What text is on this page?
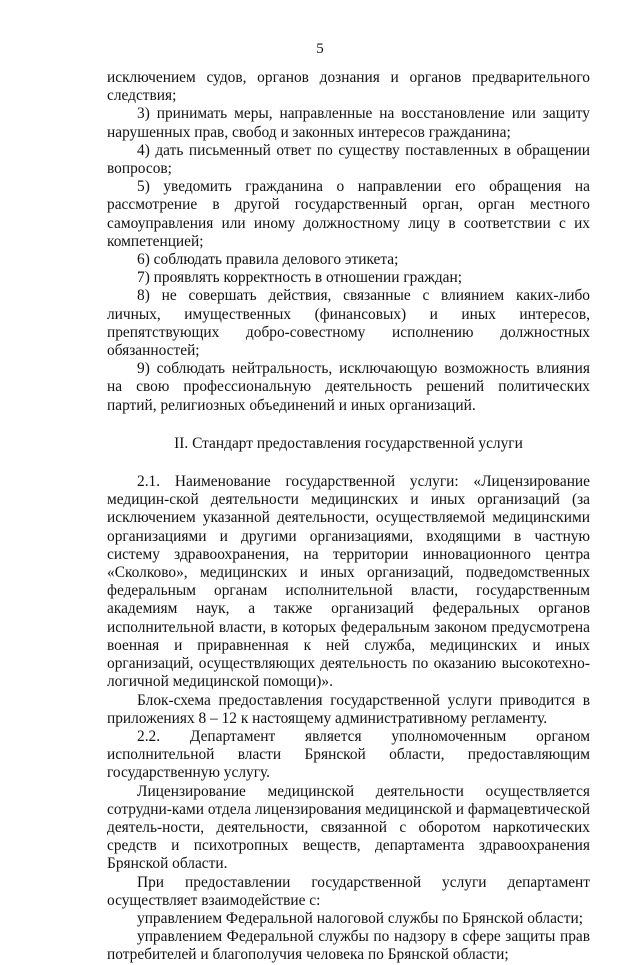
5

исключением судов, органов дознания и органов предварительного следствия;

3) принимать меры, направленные на восстановление или защиту нарушенных прав, свобод и законных интересов гражданина;

4) дать письменный ответ по существу поставленных в обращении вопросов;

5) уведомить гражданина о направлении его обращения на рассмотрение в другой государственный орган, орган местного самоуправления или иному должностному лицу в соответствии с их компетенцией;

6) соблюдать правила делового этикета;

7) проявлять корректность в отношении граждан;

8) не совершать действия, связанные с влиянием каких-либо личных, имущественных (финансовых) и иных интересов, препятствующих добро-совестному исполнению должностных обязанностей;

9) соблюдать нейтральность, исключающую возможность влияния на свою профессиональную деятельность решений политических партий, религиозных объединений и иных организаций.

II. Стандарт предоставления государственной услуги

2.1. Наименование государственной услуги: «Лицензирование медицин-ской деятельности медицинских и иных организаций (за исключением указанной деятельности, осуществляемой медицинскими организациями и другими организациями, входящими в частную систему здравоохранения, на территории инновационного центра «Сколково», медицинских и иных организаций, подведомственных федеральным органам исполнительной власти, государственным академиям наук, а также организаций федеральных органов исполнительной власти, в которых федеральным законом предусмотрена военная и приравненная к ней служба, медицинских и иных организаций, осуществляющих деятельность по оказанию высокотехно-логичной медицинской помощи)».

Блок-схема предоставления государственной услуги приводится в приложениях 8 – 12 к настоящему административному регламенту.

2.2. Департамент является уполномоченным органом исполнительной власти Брянской области, предоставляющим государственную услугу.

Лицензирование медицинской деятельности осуществляется сотрудни-ками отдела лицензирования медицинской и фармацевтической деятель-ности, деятельности, связанной с оборотом наркотических средств и психотропных веществ, департамента здравоохранения Брянской области.

При предоставлении государственной услуги департамент осуществляет взаимодействие с:

управлением Федеральной налоговой службы по Брянской области;

управлением Федеральной службы по надзору в сфере защиты прав потребителей и благополучия человека по Брянской области;
